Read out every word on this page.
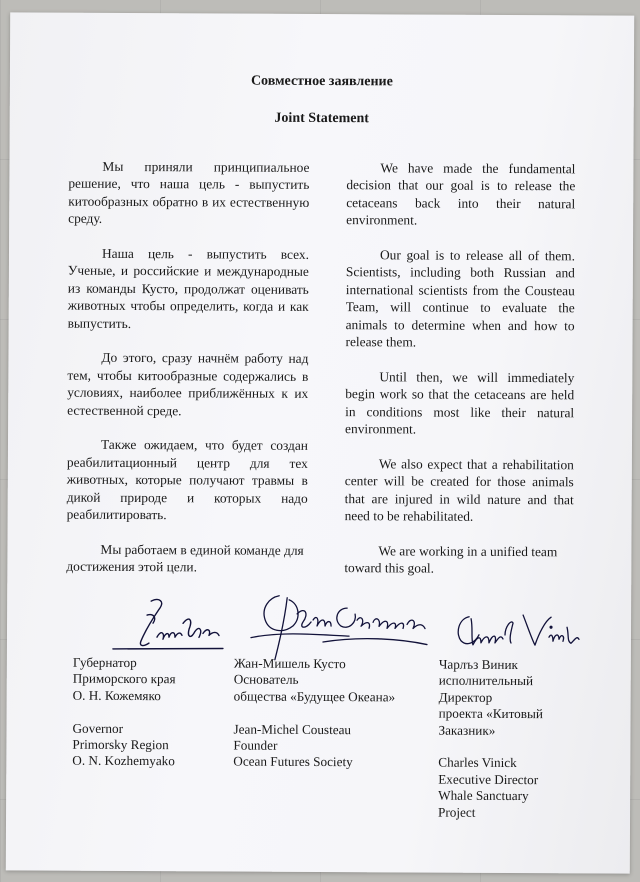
Совместное заявление
Joint Statement

Мы приняли принципиальное решение, что наша цель - выпустить китообразных обратно в их естественную среду.

Наша цель - выпустить всех. Ученые, и российские и международные из команды Кусто, продолжат оценивать животных чтобы определить, когда и как выпустить.

До этого, сразу начнём работу над тем, чтобы китообразные содержались в условиях, наиболее приближённых к их естественной среде.

Также ожидаем, что будет создан реабилитационный центр для тех животных, которые получают травмы в дикой природе и которых надо реабилитировать.

Мы работаем в единой команде для достижения этой цели.

We have made the fundamental decision that our goal is to release the cetaceans back into their natural environment.

Our goal is to release all of them. Scientists, including both Russian and international scientists from the Cousteau Team, will continue to evaluate the animals to determine when and how to release them.

Until then, we will immediately begin work so that the cetaceans are held in conditions most like their natural environment.

We also expect that a rehabilitation center will be created for those animals that are injured in wild nature and that need to be rehabilitated.

We are working in a unified team toward this goal.

Губернатор
Приморского края
О. Н. Кожемяко
Governor
Primorsky Region
O. N. Kozhemyako
Жан-Мишель Кусто
Основатель
общества «Будущее Океана»
Jean-Michel Cousteau
Founder
Ocean Futures Society
Чарлъз Виник
исполнительный
Директор
проекта «Китовый
Заказник»
Charles Vinick
Executive Director
Whale Sanctuary
Project
